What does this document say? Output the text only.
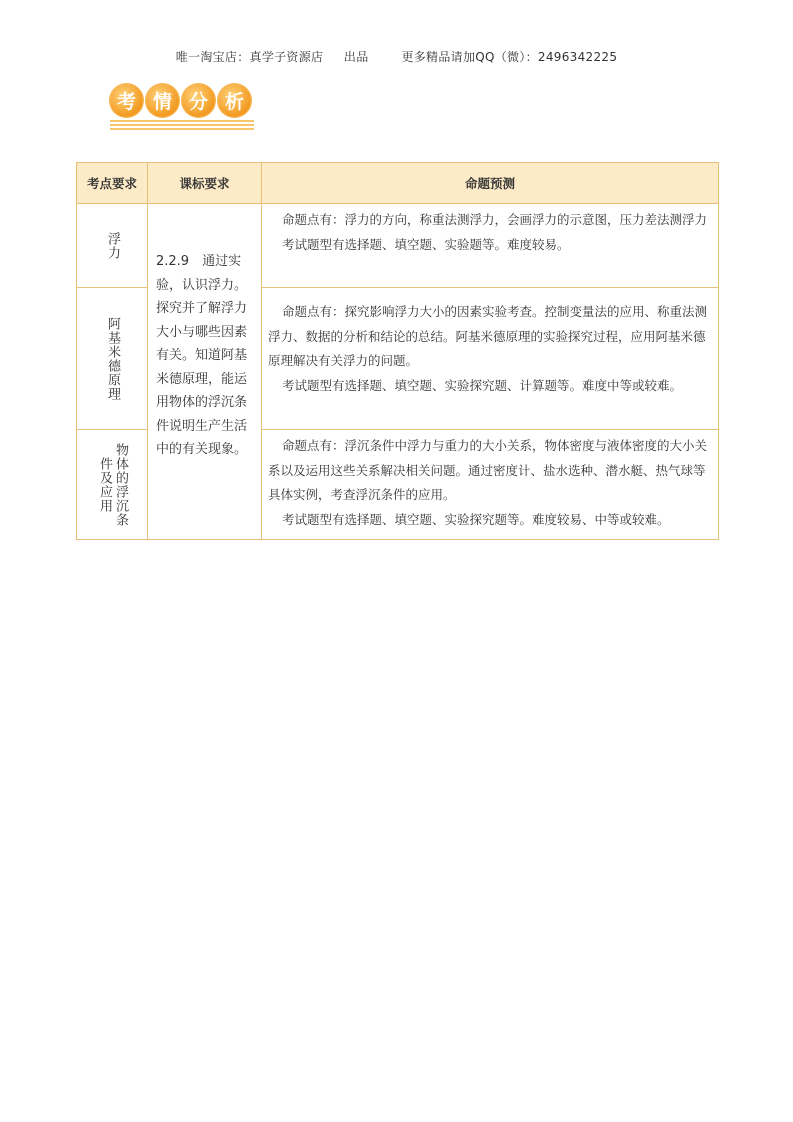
唯一淘宝店：真学子资源店 出品	更多精品请加QQ（微）：2496342225
考 情 分 析
考点要求	课标要求	命题预测

浮力	2.2.9　通过实验，认识浮力。探究并了解浮力大小与哪些因素有关。知道阿基米德原理，能运用物体的浮沉条件说明生产生活中的有关现象。	命题点有：浮力的方向，称重法测浮力，会画浮力的示意图，压力差法测浮力

考试题型有选择题、填空题、实验题等。难度较易。

阿基米德原理		命题点有：探究影响浮力大小的因素实验考查。控制变量法的应用、称重法测浮力、数据的分析和结论的总结。阿基米德原理的实验探究过程，应用阿基米德原理解决有关浮力的问题。

考试题型有选择题、填空题、实验探究题、计算题等。难度中等或较难。

物体的浮沉条件及应用		命题点有：浮沉条件中浮力与重力的大小关系，物体密度与液体密度的大小关系以及运用这些关系解决相关问题。通过密度计、盐水选种、潜水艇、热气球等具体实例，考查浮沉条件的应用。

考试题型有选择题、填空题、实验探究题等。难度较易、中等或较难。
